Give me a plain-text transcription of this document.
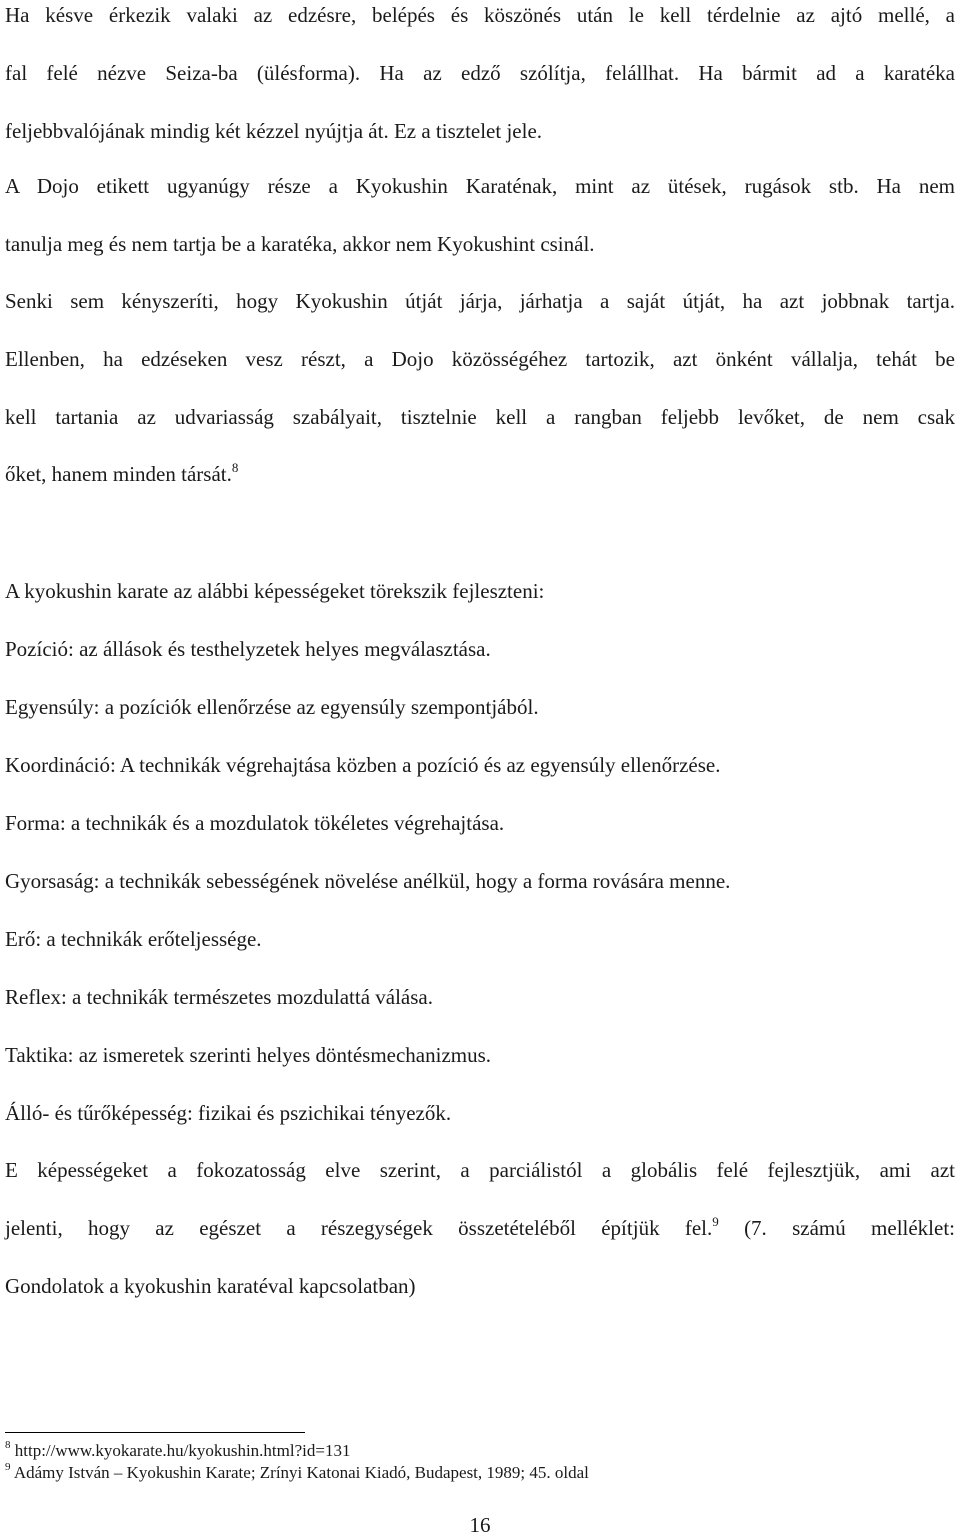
Ha késve érkezik valaki az edzésre, belépés és köszönés után le kell térdelnie az ajtó mellé, a
fal felé nézve Seiza-ba (ülésforma). Ha az edző szólítja, felállhat. Ha bármit ad a karatéka
feljebbvalójának mindig két kézzel nyújtja át. Ez a tisztelet jele.
A Dojo etikett ugyanúgy része a Kyokushin Karaténak, mint az ütések, rugások stb. Ha nem
tanulja meg és nem tartja be a karatéka, akkor nem Kyokushint csinál.
Senki sem kényszeríti, hogy Kyokushin útját járja, járhatja a saját útját, ha azt jobbnak tartja.
Ellenben, ha edzéseken vesz részt, a Dojo közösségéhez tartozik, azt önként vállalja, tehát be
kell tartania az udvariasság szabályait, tisztelnie kell a rangban feljebb levőket, de nem csak
őket, hanem minden társát.$^8$
A kyokushin karate az alábbi képességeket törekszik fejleszteni:
Pozíció: az állások és testhelyzetek helyes megválasztása.
Egyensúly: a pozíciók ellenőrzése az egyensúly szempontjából.
Koordináció: A technikák végrehajtása közben a pozíció és az egyensúly ellenőrzése.
Forma: a technikák és a mozdulatok tökéletes végrehajtása.
Gyorsaság: a technikák sebességének növelése anélkül, hogy a forma rovására menne.
Erő: a technikák erőteljessége.
Reflex: a technikák természetes mozdulattá válása.
Taktika: az ismeretek szerinti helyes döntésmechanizmus.
Álló- és tűrőképesség: fizikai és pszichikai tényezők.
E képességeket a fokozatosság elve szerint, a parciálistól a globális felé fejlesztjük, ami azt
jelenti, hogy az egészet a részegységek összetételéből építjük fel.$^9$ (7. számú melléklet:
Gondolatok a kyokushin karatéval kapcsolatban)
$^8$ http://www.kyokarate.hu/kyokushin.html?id=131
$^9$ Adámy István – Kyokushin Karate; Zrínyi Katonai Kiadó, Budapest, 1989; 45. oldal
16
